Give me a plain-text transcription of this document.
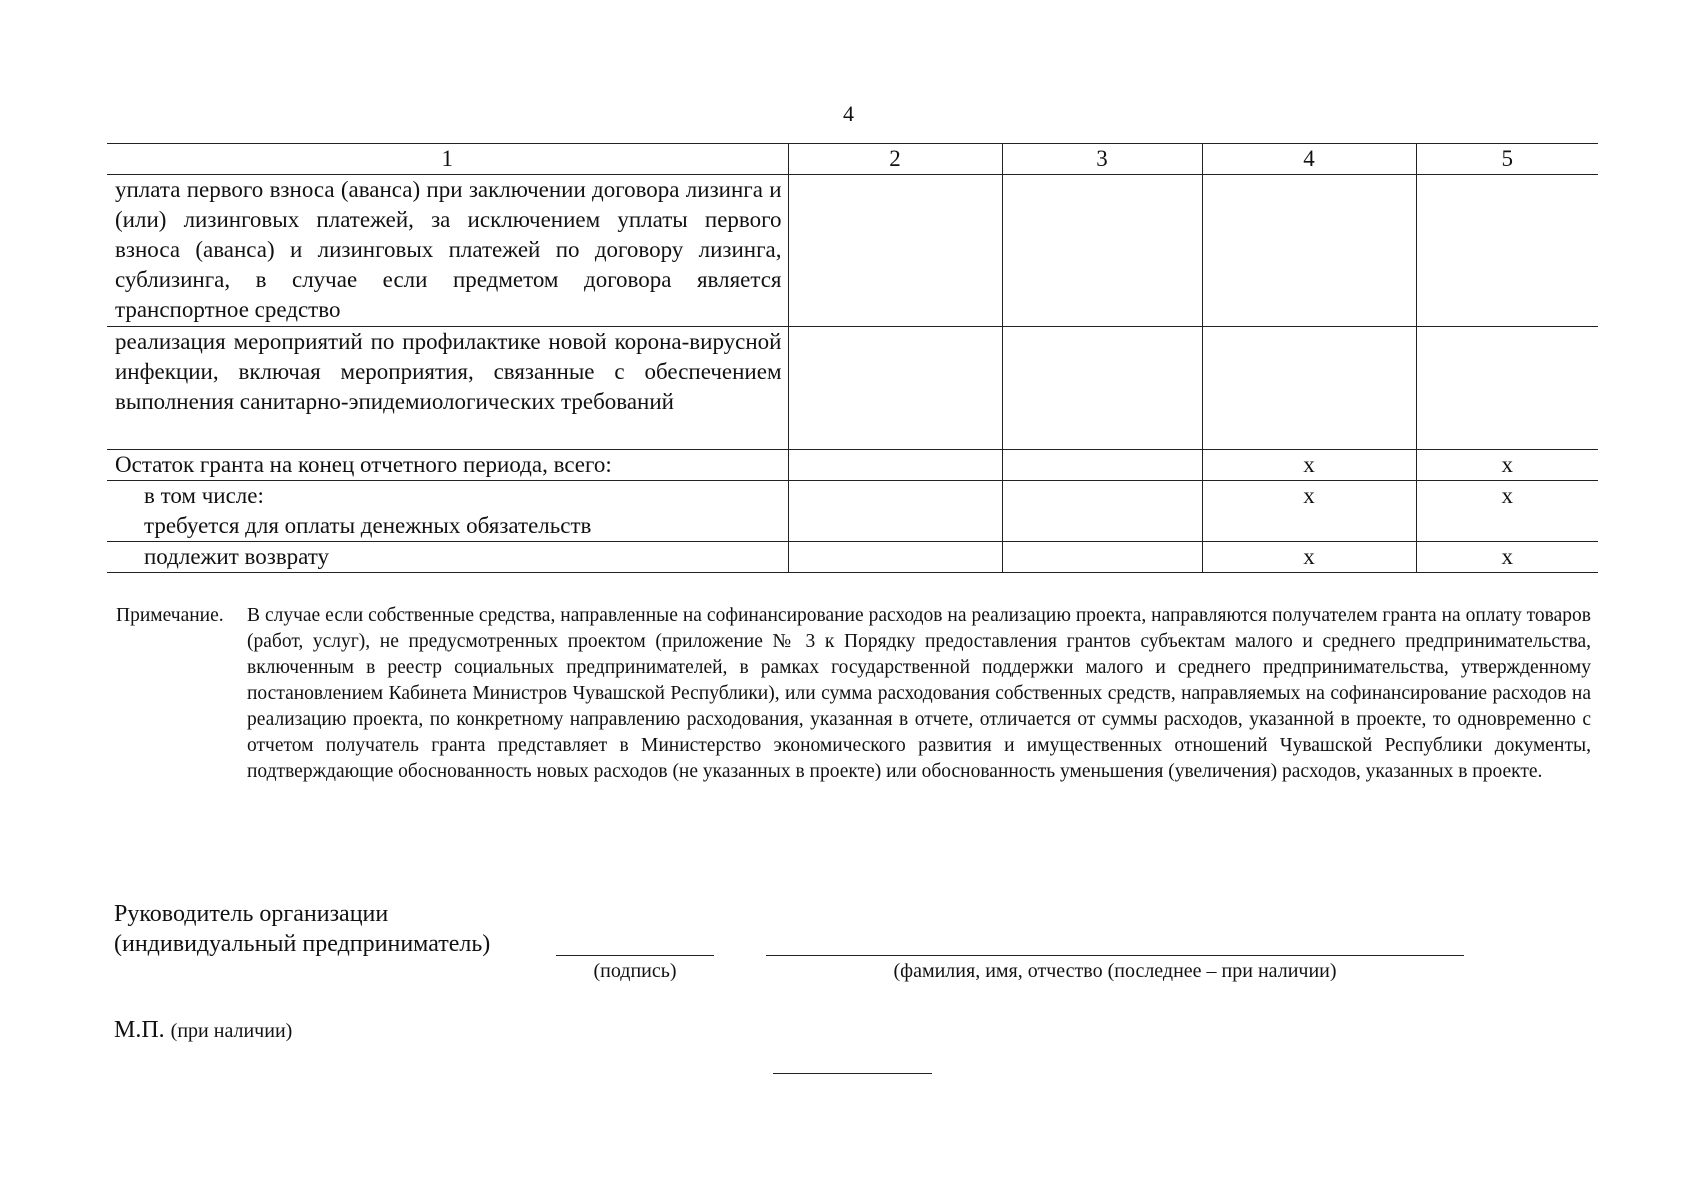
4
1	2	3	4	5
уплата первого взноса (аванса) при заключении договора лизинга и (или) лизинговых платежей, за исключением уплаты первого взноса (аванса) и лизинговых платежей по договору лизинга, сублизинга, в случае если предметом договора является транспортное средство				
реализация мероприятий по профилактике новой корона-вирусной инфекции, включая мероприятия, связанные с обеспечением выполнения санитарно-эпидемиологических требований				
Остаток гранта на конец отчетного периода, всего:			x	x

в том числе:
требуется для оплаты денежных обязательств			x	x
подлежит возврату			x	x
Примечание.	В случае если собственные средства, направленные на софинансирование расходов на реализацию проекта, направляются получателем гранта на оплату товаров (работ, услуг), не предусмотренных проектом (приложение № 3 к Порядку предоставления грантов субъектам малого и среднего предпринимательства, включенным в реестр социальных предпринимателей, в рамках государственной поддержки малого и среднего предпринимательства, утвержденному постановлением Кабинета Министров Чувашской Республики), или сумма расходования собственных средств, направляемых на софинансирование расходов на реализацию проекта, по конкретному направлению расходования, указанная в отчете, отличается от суммы расходов, указанной в проекте, то одновременно с отчетом получатель гранта представляет в Министерство экономического развития и имущественных отношений Чувашской Республики документы, подтверждающие обоснованность новых расходов (не указанных в проекте) или обоснованность уменьшения (увеличения) расходов, указанных в проекте.
Руководитель организации
(индивидуальный предприниматель)
(подпись)	(фамилия, имя, отчество (последнее – при наличии)
М.П. (при наличии)
